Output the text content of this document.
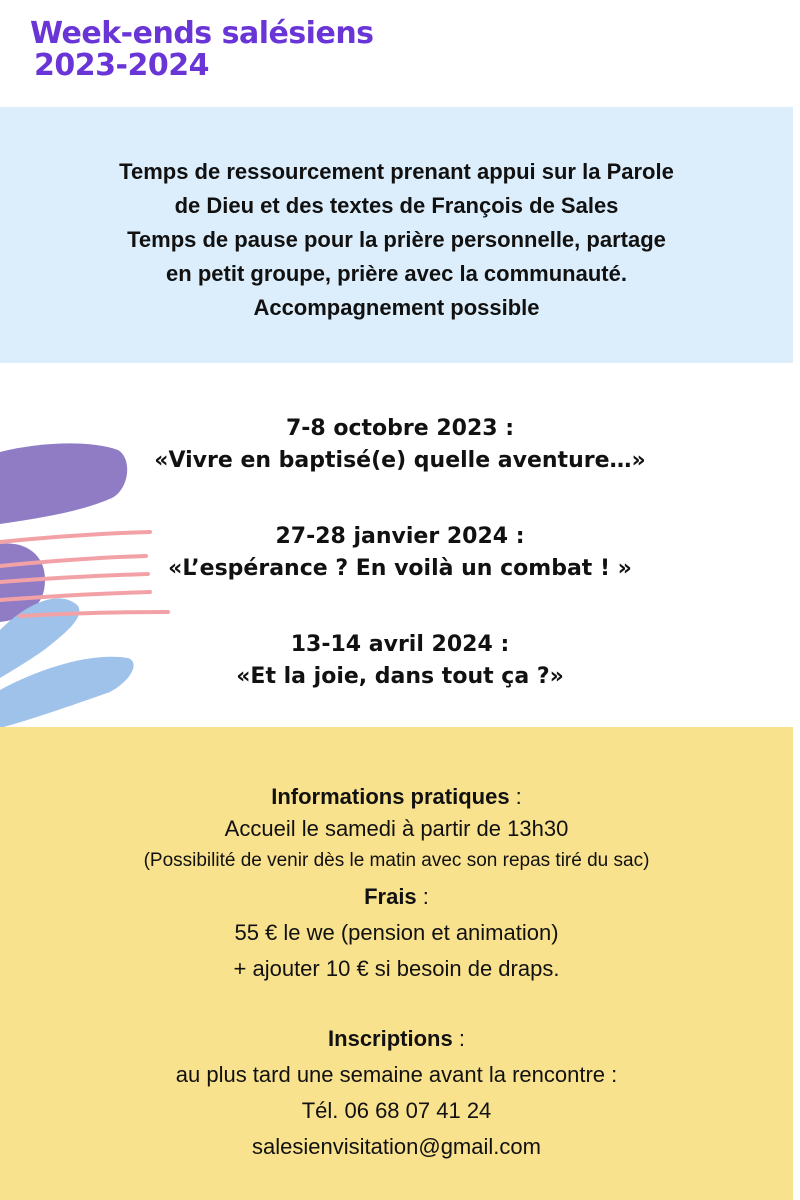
Week-ends salésiens
2023-2024
Temps de ressourcement prenant appui sur la Parole
de Dieu et des textes de François de Sales
Temps de pause pour la prière personnelle, partage
en petit groupe, prière avec la communauté.
Accompagnement possible
7-8 octobre 2023 :
«Vivre en baptisé(e) quelle aventure…»
27-28 janvier 2024 :
«L’espérance ? En voilà un combat ! »
13-14 avril 2024 :
«Et la joie, dans tout ça ?»
Informations pratiques :
Accueil le samedi à partir de 13h30
(Possibilité de venir dès le matin avec son repas tiré du sac)
Frais :
55 € le we (pension et animation)
+ ajouter 10 € si besoin de draps.
Inscriptions :
au plus tard une semaine avant la rencontre :
Tél. 06 68 07 41 24
salesienvisitation@gmail.com
